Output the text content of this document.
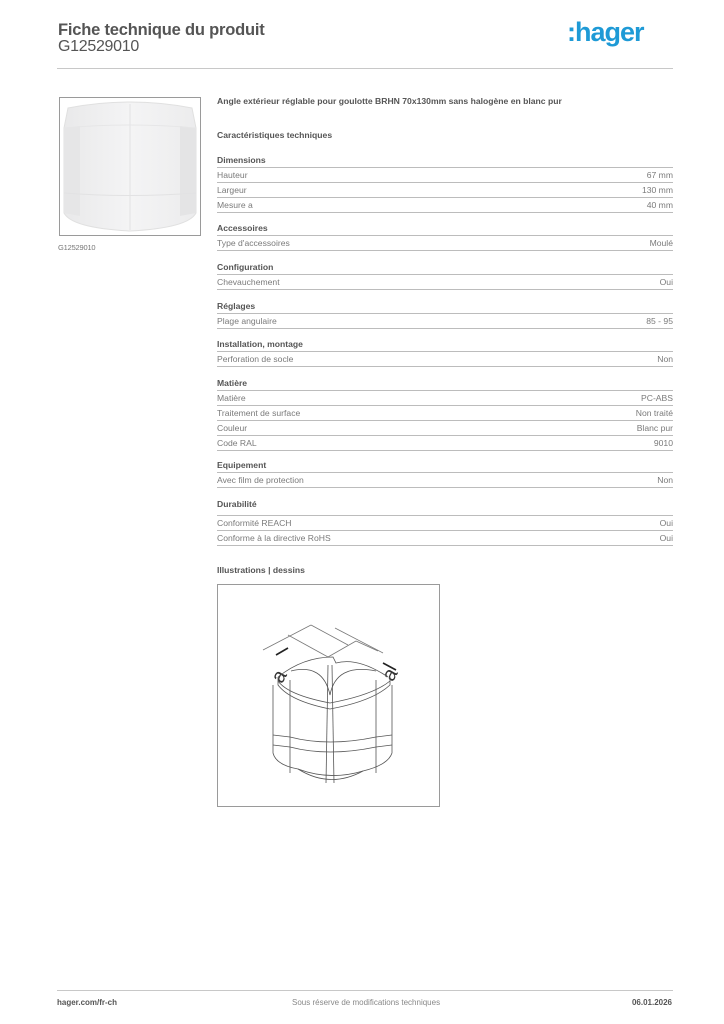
Fiche technique du produit
G12529010	:hager
G12529010
Angle extérieur réglable pour goulotte BRHN 70x130mm sans halogène en blanc pur
Caractéristiques techniques
Dimensions
Hauteur	67 mm
Largeur	130 mm
Mesure a	40 mm
Accessoires
Type d'accessoires	Moulé
Configuration
Chevauchement	Oui
Réglages
Plage angulaire	85 - 95
Installation, montage
Perforation de socle	Non
Matière
Matière	PC-ABS
Traitement de surface	Non traité
Couleur	Blanc pur
Code RAL	9010
Equipement
Avec film de protection	Non
Durabilité
Conformité REACH	Oui
Conforme à la directive RoHS	Oui
Illustrations | dessins
a	a
hager.com/fr-ch	Sous réserve de modifications techniques	06.01.2026
